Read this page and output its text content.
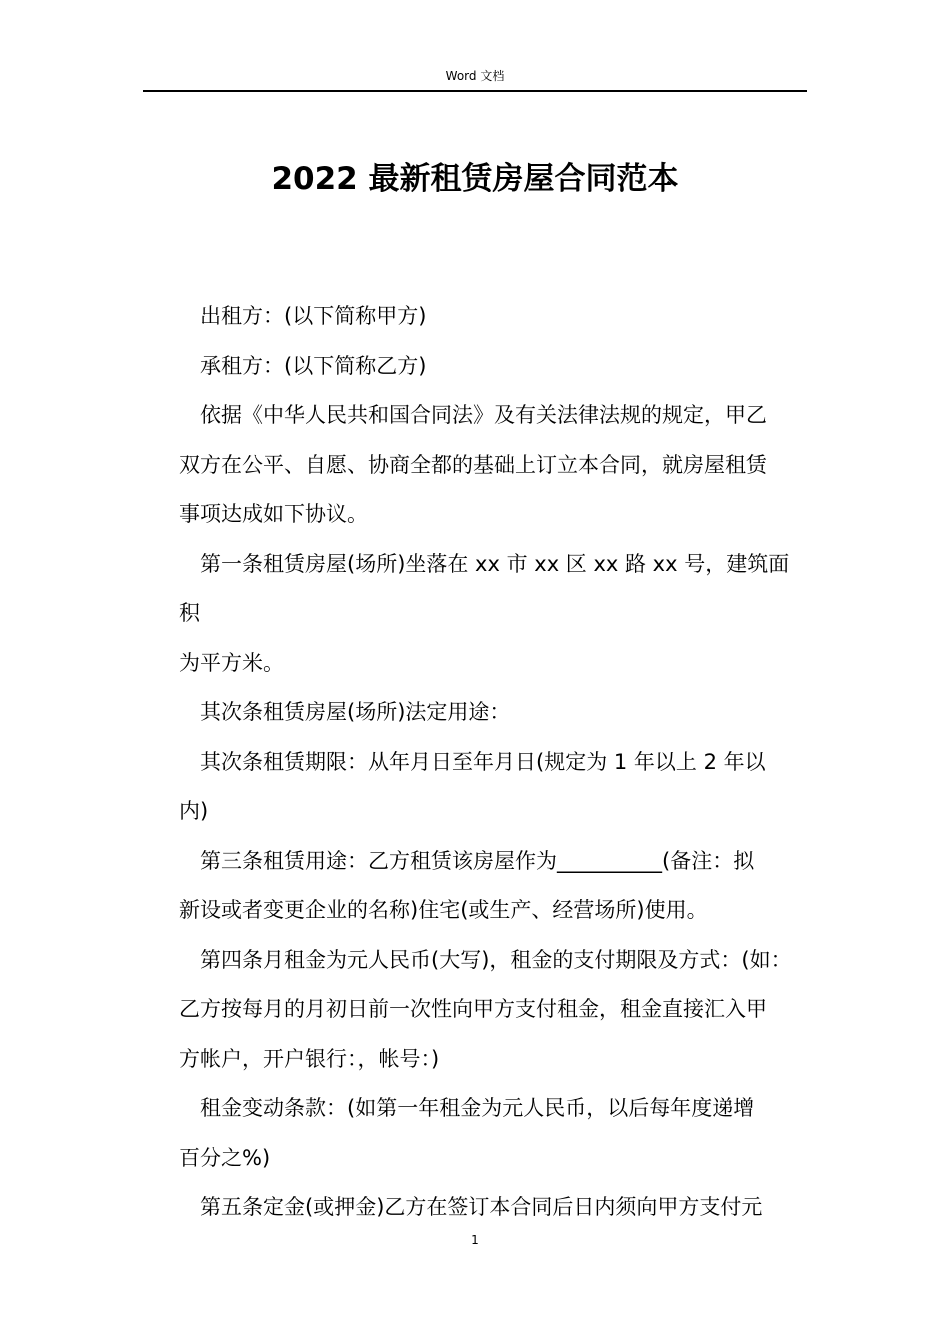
Word 文档
2022 最新租赁房屋合同范本

出租方：(以下简称甲方)

承租方：(以下简称乙方)

依据《中华人民共和国合同法》及有关法律法规的规定，甲乙

双方在公平、自愿、协商全都的基础上订立本合同，就房屋租赁

事项达成如下协议。

第一条租赁房屋(场所)坐落在 xx 市 xx 区 xx 路 xx 号，建筑面积

为平方米。

其次条租赁房屋(场所)法定用途：

其次条租赁期限：从年月日至年月日(规定为 1 年以上 2 年以

内)

第三条租赁用途：乙方租赁该房屋作为__________(备注：拟

新设或者变更企业的名称)住宅(或生产、经营场所)使用。

第四条月租金为元人民币(大写)，租金的支付期限及方式：(如：

乙方按每月的月初日前一次性向甲方支付租金，租金直接汇入甲

方帐户，开户银行：，帐号：)

租金变动条款：(如第一年租金为元人民币，以后每年度递增

百分之%)

第五条定金(或押金)乙方在签订本合同后日内须向甲方支付元

1
